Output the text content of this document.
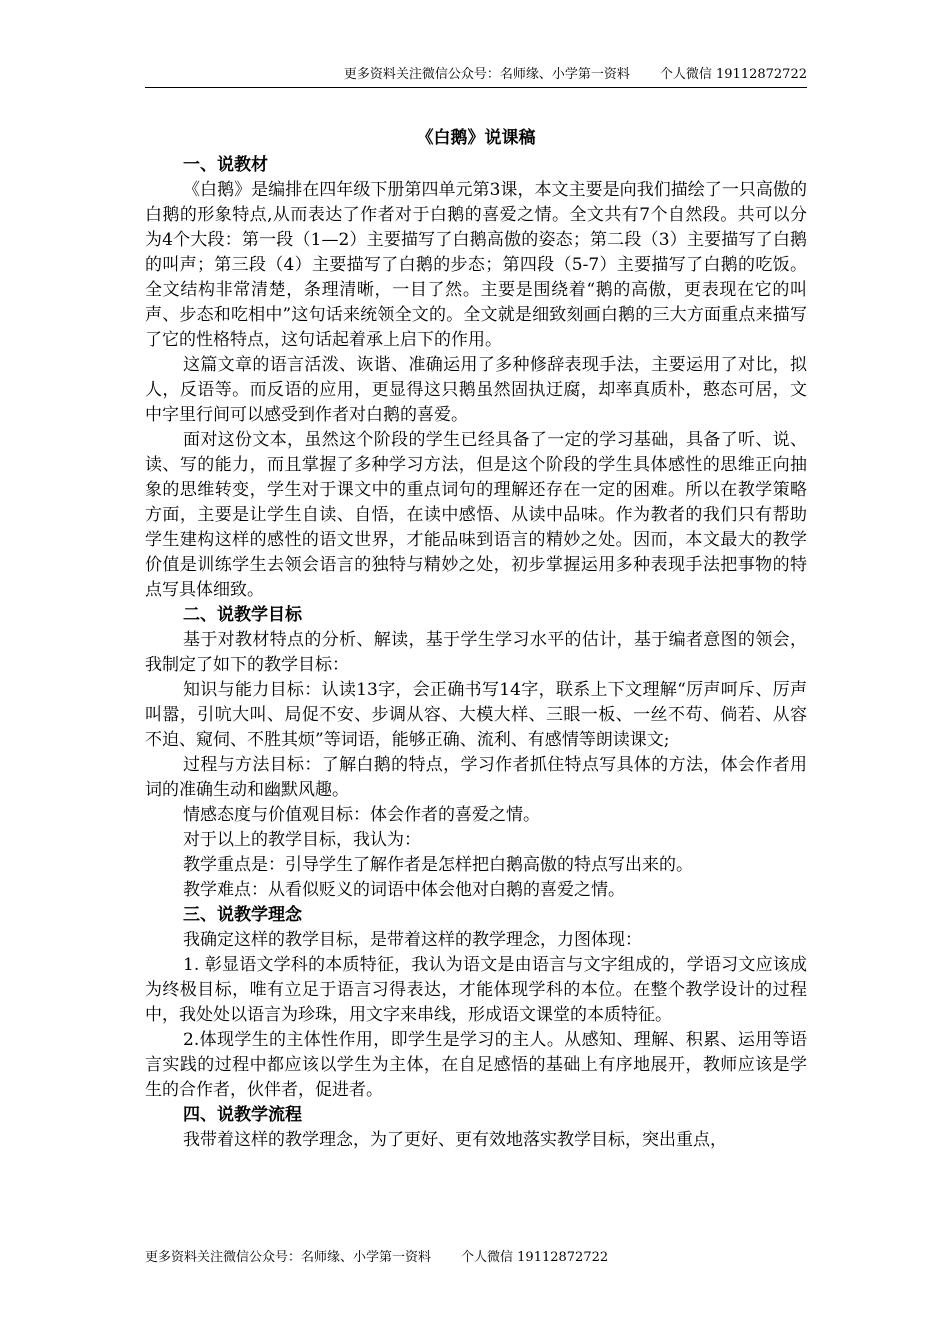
更多资料关注微信公众号：名师缘、小学第一资料 个人微信 19112872722
《白鹅》说课稿
一、说教材

《白鹅》是编排在四年级下册第四单元第3课，本文主要是向我们描绘了一只高傲的白鹅的形象特点,从而表达了作者对于白鹅的喜爱之情。全文共有7个自然段。共可以分为4个大段：第一段（1—2）主要描写了白鹅高傲的姿态；第二段（3）主要描写了白鹅的叫声；第三段（4）主要描写了白鹅的步态；第四段（5-7）主要描写了白鹅的吃饭。全文结构非常清楚，条理清晰，一目了然。主要是围绕着“鹅的高傲，更表现在它的叫声、步态和吃相中”这句话来统领全文的。全文就是细致刻画白鹅的三大方面重点来描写了它的性格特点，这句话起着承上启下的作用。

这篇文章的语言活泼、诙谐、准确运用了多种修辞表现手法，主要运用了对比，拟人，反语等。而反语的应用，更显得这只鹅虽然固执迂腐，却率真质朴，憨态可居，文中字里行间可以感受到作者对白鹅的喜爱。

面对这份文本，虽然这个阶段的学生已经具备了一定的学习基础，具备了听、说、读、写的能力，而且掌握了多种学习方法，但是这个阶段的学生具体感性的思维正向抽象的思维转变，学生对于课文中的重点词句的理解还存在一定的困难。所以在教学策略方面，主要是让学生自读、自悟，在读中感悟、从读中品味。作为教者的我们只有帮助学生建构这样的感性的语文世界，才能品味到语言的精妙之处。因而，本文最大的教学价值是训练学生去领会语言的独特与精妙之处，初步掌握运用多种表现手法把事物的特点写具体细致。

二、说教学目标

基于对教材特点的分析、解读，基于学生学习水平的估计，基于编者意图的领会，我制定了如下的教学目标：

知识与能力目标：认读13字，会正确书写14字，联系上下文理解“厉声呵斥、厉声叫嚣，引吭大叫、局促不安、步调从容、大模大样、三眼一板、一丝不苟、倘若、从容不迫、窥伺、不胜其烦”等词语，能够正确、流利、有感情等朗读课文;

过程与方法目标：了解白鹅的特点，学习作者抓住特点写具体的方法，体会作者用词的准确生动和幽默风趣。

情感态度与价值观目标：体会作者的喜爱之情。

对于以上的教学目标，我认为：

教学重点是：引导学生了解作者是怎样把白鹅高傲的特点写出来的。

教学难点：从看似贬义的词语中体会他对白鹅的喜爱之情。

三、说教学理念

我确定这样的教学目标，是带着这样的教学理念，力图体现：

1. 彰显语文学科的本质特征，我认为语文是由语言与文字组成的，学语习文应该成为终极目标，唯有立足于语言习得表达，才能体现学科的本位。在整个教学设计的过程中，我处处以语言为珍珠，用文字来串线，形成语文课堂的本质特征。

2.体现学生的主体性作用，即学生是学习的主人。从感知、理解、积累、运用等语言实践的过程中都应该以学生为主体，在自足感悟的基础上有序地展开，教师应该是学生的合作者，伙伴者，促进者。

四、说教学流程

我带着这样的教学理念，为了更好、更有效地落实教学目标，突出重点，

更多资料关注微信公众号：名师缘、小学第一资料 个人微信 19112872722
